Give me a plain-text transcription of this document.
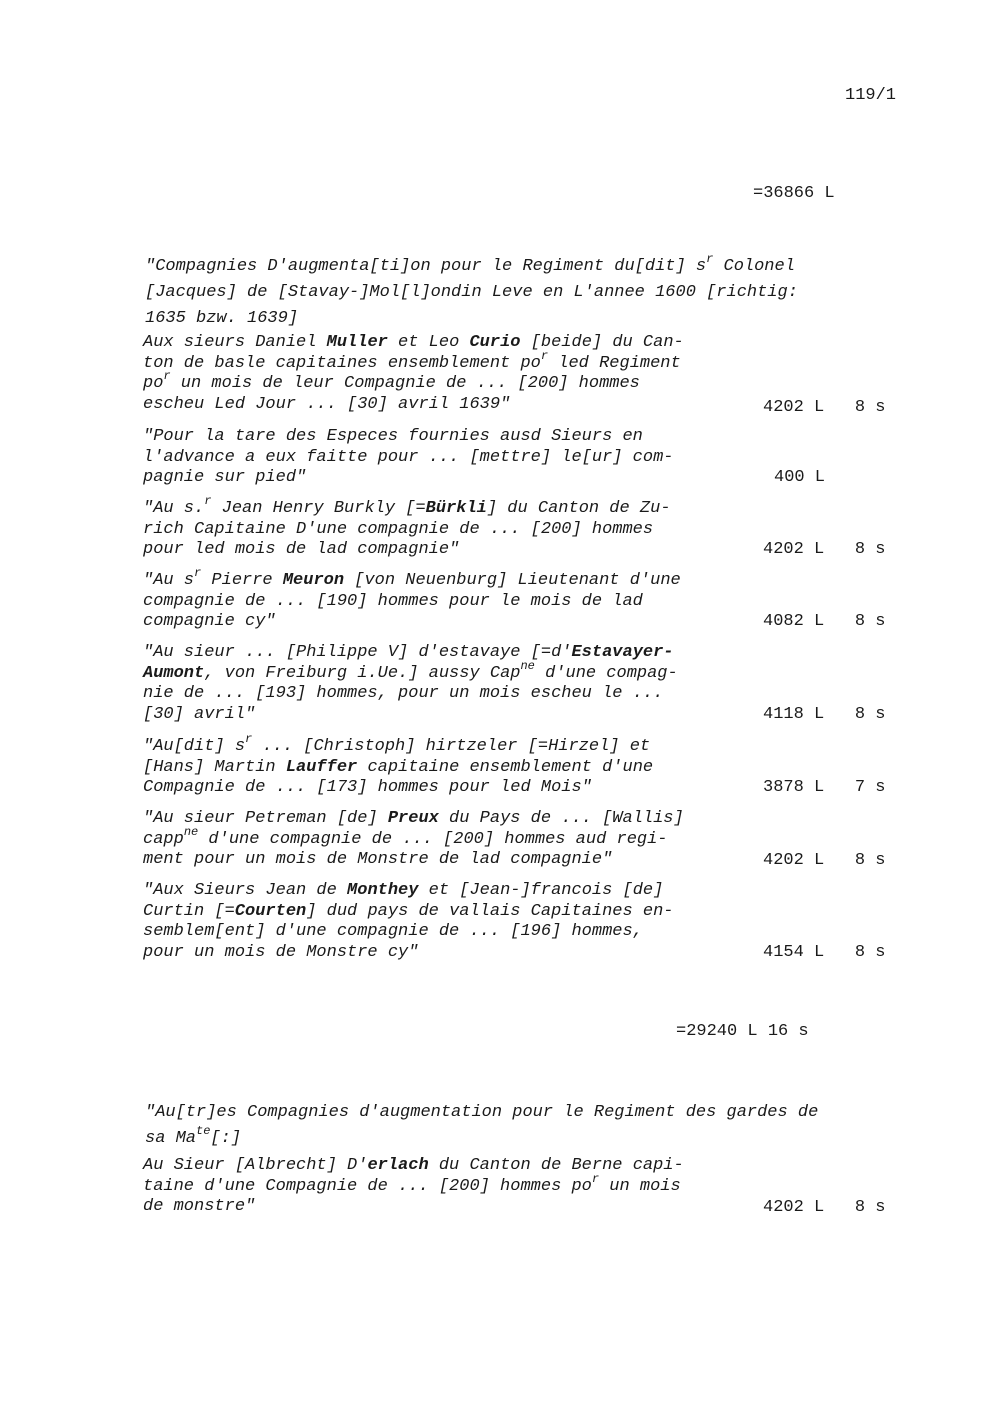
119/1
=36866 L
"Compagnies D'augmenta[ti]on pour le Regiment du[dit] $s^r$ Colonel
[Jacques] de [Stavay-]Mol[l]ondin Leve en L'annee 1600 [richtig:
1635 bzw. 1639]
Aux sieurs Daniel Muller et Leo Curio [beide] du Can-
ton de basle capitaines ensemblement $po^r$ led Regiment
$po^r$ un mois de leur Compagnie de ... [200] hommes
escheu Led Jour ... [30] avril 1639"	4202 L   8 s
"Pour la tare des Especes fournies ausd Sieurs en
l'advance a eux faitte pour ... [mettre] le[ur] com-
pagnie sur pied"	400 L
"Au s.$^r$ Jean Henry Burkly [=Bürkli] du Canton de Zu-
rich Capitaine D'une compagnie de ... [200] hommes
pour led mois de lad compagnie"	4202 L   8 s
"Au $s^r$ Pierre Meuron [von Neuenburg] Lieutenant d'une
compagnie de ... [190] hommes pour le mois de lad
compagnie cy"	4082 L   8 s
"Au sieur ... [Philippe V] d'estavaye [=d'Estavayer-
Aumont, von Freiburg i.Ue.] aussy Cap$^{ne}$ d'une compag-
nie de ... [193] hommes, pour un mois escheu le ...
[30] avril"	4118 L   8 s
"Au[dit] $s^r$ ... [Christoph] hirtzeler [=Hirzel] et
[Hans] Martin Lauffer capitaine ensemblement d'une
Compagnie de ... [173] hommes pour led Mois"	3878 L   7 s
"Au sieur Petreman [de] Preux du Pays de ... [Wallis]
capp$^{ne}$ d'une compagnie de ... [200] hommes aud regi-
ment pour un mois de Monstre de lad compagnie"	4202 L   8 s
"Aux Sieurs Jean de Monthey et [Jean-]francois [de]
Curtin [=Courten] dud pays de vallais Capitaines en-
semblem[ent] d'une compagnie de ... [196] hommes,
pour un mois de Monstre cy"	4154 L   8 s
=29240 L 16 s
"Au[tr]es Compagnies d'augmentation pour le Regiment des gardes de
sa $Ma^{te}[:]$
Au Sieur [Albrecht] D'erlach du Canton de Berne capi-
taine d'une Compagnie de ... [200] hommes $po^r$ un mois
de monstre"	4202 L   8 s
